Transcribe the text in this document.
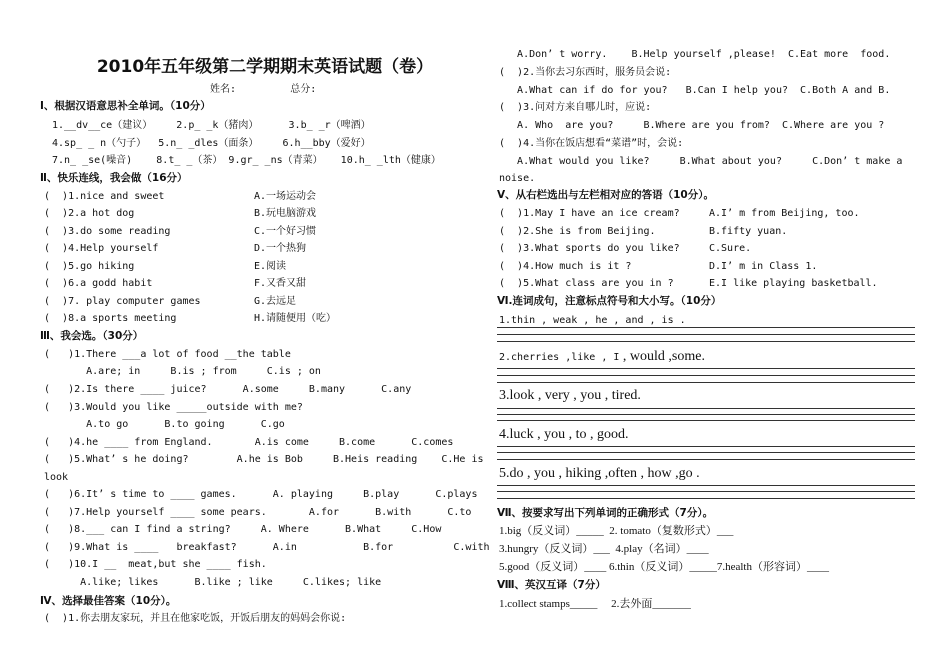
2010年五年级第二学期期末英语试题（卷）
姓名:         总分:
Ⅰ、根据汉语意思补全单词。（10分）
1.__dv__ce（建议）    2.p_ _k（猪肉）     3.b_ _r（啤酒）
4.sp_ _ n（勺子）  5.n_ _dles（面条）    6.h__bby（爱好）
7.n_ _se(噪音)    8.t_ _（茶） 9.gr_ _ns（青菜）   10.h_ _lth（健康）
Ⅱ、快乐连线，我会做（16分）
(  )1.nice and sweet	A.一场运动会
(  )2.a hot dog	B.玩电脑游戏
(  )3.do some reading	C.一个好习惯
(  )4.Help yourself	D.一个热狗
(  )5.go hiking	E.阅读
(  )6.a godd habit	F.又香又甜
(  )7. play computer games	G.去远足
(  )8.a sports meeting	H.请随便用（吃）
Ⅲ、我会选。（30分）
(   )1.There ___a lot of food __the table
A.are; in     B.is ; from     C.is ; on
(   )2.Is there ____ juice?      A.some     B.many      C.any
(   )3.Would you like _____outside with me?
A.to go      B.to going      C.go
(   )4.he ____ from England.       A.is come     B.come      C.comes
(   )5.What’ s he doing?        A.he is Bob     B.Heis reading    C.He is
look
(   )6.It’ s time to ____ games.      A. playing     B.play      C.plays
(   )7.Help yourself ____ some pears.       A.for      B.with      C.to
(   )8.___ can I find a string?     A. Where      B.What     C.How
(   )9.What is ____   breakfast?      A.in           B.for          C.with
(   )10.I __  meat,but she ____ fish.
A.like; likes      B.like ; like     C.likes; like
Ⅳ、选择最佳答案（10分）。
(  )1.你去朋友家玩，并且在他家吃饭，开饭后朋友的妈妈会你说:
A.Don’ t worry.    B.Help yourself ,please!  C.Eat more  food.
(  )2.当你去习东西时，服务员会说:
A.What can if do for you?   B.Can I help you?  C.Both A and B.
(  )3.问对方来自哪儿时，应说:
A. Who  are you?     B.Where are you from?  C.Where are you ?
(  )4.当你在饭店想看“菜谱”时，会说:
A.What would you like?     B.What about you?     C.Don’ t make a
noise.
Ⅴ、从右栏选出与左栏相对应的答语（10分）。
(  )1.May I have an ice cream?	A.I’ m from Beijing, too.
(  )2.She is from Beijing.	B.fifty yuan.
(  )3.What sports do you like?	C.Sure.
(  )4.How much is it ?	D.I’ m in Class 1.
(  )5.What class are you in ?	E.I like playing basketball.
Ⅵ.连词成句，注意标点符号和大小写。（10分）
1.thin , weak , he , and , is .
2.cherries ,like , I , would ,some.
3.look , very , you , tired.
4.luck , you , to , good.
5.do , you , hiking ,often , how ,go .
Ⅶ、按要求写出下列单词的正确形式（7分）。
1.big（反义词）_____  2. tomato（复数形式）___
3.hungry（反义词）___  4.play（名词）____
5.good（反义词）____ 6.thin（反义词）_____7.health（形容词）____
Ⅷ、英汉互译（7分）
1.collect stamps_____     2.去外面_______
